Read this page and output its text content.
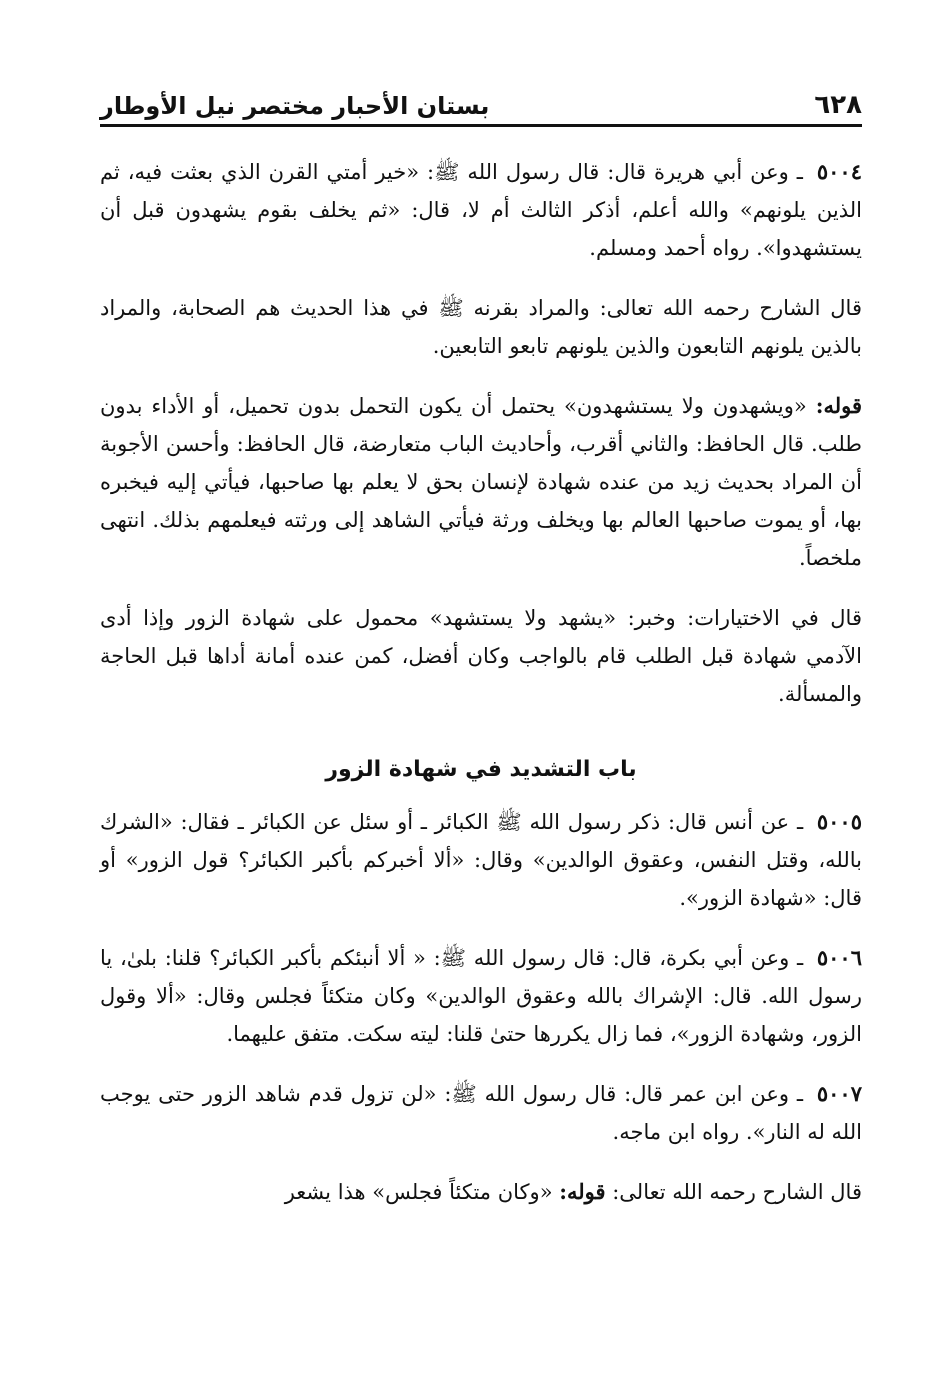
٦٢٨
بستان الأحبار مختصر نيل الأوطار

٥٠٠٤ ـ وعن أبي هريرة قال: قال رسول الله ﷺ: «خير أمتي القرن الذي بعثت فيه، ثم الذين يلونهم» والله أعلم، أذكر الثالث أم لا، قال: «ثم يخلف بقوم يشهدون قبل أن يستشهدوا». رواه أحمد ومسلم.

قال الشارح رحمه الله تعالى: والمراد بقرنه ﷺ في هذا الحديث هم الصحابة، والمراد بالذين يلونهم التابعون والذين يلونهم تابعو التابعين.

قوله: «ويشهدون ولا يستشهدون» يحتمل أن يكون التحمل بدون تحميل، أو الأداء بدون طلب. قال الحافظ: والثاني أقرب، وأحاديث الباب متعارضة، قال الحافظ: وأحسن الأجوبة أن المراد بحديث زيد من عنده شهادة لإنسان بحق لا يعلم بها صاحبها، فيأتي إليه فيخبره بها، أو يموت صاحبها العالم بها ويخلف ورثة فيأتي الشاهد إلى ورثته فيعلمهم بذلك. انتهى ملخصاً.

قال في الاختيارات: وخبر: «يشهد ولا يستشهد» محمول على شهادة الزور وإذا أدى الآدمي شهادة قبل الطلب قام بالواجب وكان أفضل، كمن عنده أمانة أداها قبل الحاجة والمسألة.

باب التشديد في شهادة الزور

٥٠٠٥ ـ عن أنس قال: ذكر رسول الله ﷺ الكبائر ـ أو سئل عن الكبائر ـ فقال: «الشرك بالله، وقتل النفس، وعقوق الوالدين» وقال: «ألا أخبركم بأكبر الكبائر؟ قول الزور» أو قال: «شهادة الزور».

٥٠٠٦ ـ وعن أبي بكرة، قال: قال رسول الله ﷺ: « ألا أنبئكم بأكبر الكبائر؟ قلنا: بلىٰ، يا رسول الله. قال: الإشراك بالله وعقوق الوالدين» وكان متكئاً فجلس وقال: «ألا وقول الزور، وشهادة الزور»، فما زال يكررها حتىٰ قلنا: ليته سكت. متفق عليهما.

٥٠٠٧ ـ وعن ابن عمر قال: قال رسول الله ﷺ: «لن تزول قدم شاهد الزور حتى يوجب الله له النار». رواه ابن ماجه.

قال الشارح رحمه الله تعالى: قوله: «وكان متكئاً فجلس» هذا يشعر
